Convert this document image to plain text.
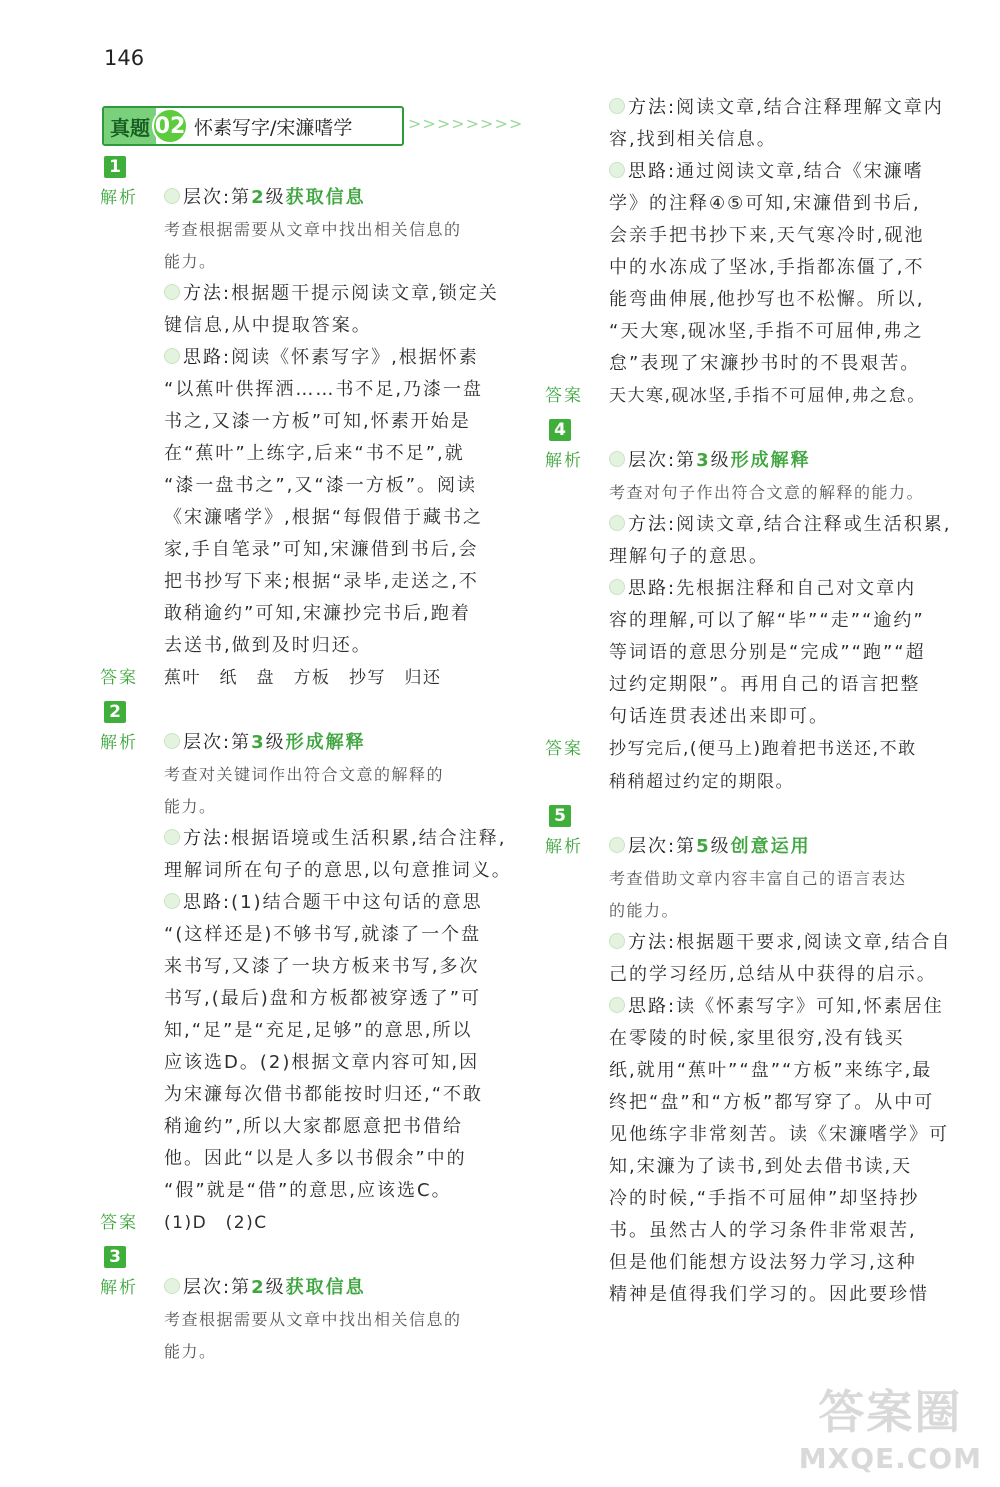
146
真题 02 怀素写字/宋濂嗜学	>>>>>>>>
1
解析	层次:第2级获取信息
考查根据需要从文章中找出相关信息的
能力。
方法:根据题干提示阅读文章,锁定关
键信息,从中提取答案。
思路:阅读《怀素写字》,根据怀素
“以蕉叶供挥洒……书不足,乃漆一盘
书之,又漆一方板”可知,怀素开始是
在“蕉叶”上练字,后来“书不足”,就
“漆一盘书之”,又“漆一方板”。阅读
《宋濂嗜学》,根据“每假借于藏书之
家,手自笔录”可知,宋濂借到书后,会
把书抄写下来;根据“录毕,走送之,不
敢稍逾约”可知,宋濂抄完书后,跑着
去送书,做到及时归还。
答案	蕉叶　纸　盘　方板　抄写　归还
2
解析	层次:第3级形成解释
考查对关键词作出符合文意的解释的
能力。
方法:根据语境或生活积累,结合注释,
理解词所在句子的意思,以句意推词义。
思路:(1)结合题干中这句话的意思
“(这样还是)不够书写,就漆了一个盘
来书写,又漆了一块方板来书写,多次
书写,(最后)盘和方板都被穿透了”可
知,“足”是“充足,足够”的意思,所以
应该选D。(2)根据文章内容可知,因
为宋濂每次借书都能按时归还,“不敢
稍逾约”,所以大家都愿意把书借给
他。因此“以是人多以书假余”中的
“假”就是“借”的意思,应该选C。
答案	(1)D　(2)C
3
解析	层次:第2级获取信息
考查根据需要从文章中找出相关信息的
能力。
方法:阅读文章,结合注释理解文章内
容,找到相关信息。
思路:通过阅读文章,结合《宋濂嗜
学》的注释④⑤可知,宋濂借到书后,
会亲手把书抄下来,天气寒冷时,砚池
中的水冻成了坚冰,手指都冻僵了,不
能弯曲伸展,他抄写也不松懈。所以,
“天大寒,砚冰坚,手指不可屈伸,弗之
怠”表现了宋濂抄书时的不畏艰苦。
答案	天大寒,砚冰坚,手指不可屈伸,弗之怠。
4
解析	层次:第3级形成解释
考查对句子作出符合文意的解释的能力。
方法:阅读文章,结合注释或生活积累,
理解句子的意思。
思路:先根据注释和自己对文章内
容的理解,可以了解“毕”“走”“逾约”
等词语的意思分别是“完成”“跑”“超
过约定期限”。再用自己的语言把整
句话连贯表述出来即可。
答案	抄写完后,(便马上)跑着把书送还,不敢
稍稍超过约定的期限。
5
解析	层次:第5级创意运用
考查借助文章内容丰富自己的语言表达
的能力。
方法:根据题干要求,阅读文章,结合自
己的学习经历,总结从中获得的启示。
思路:读《怀素写字》可知,怀素居住
在零陵的时候,家里很穷,没有钱买
纸,就用“蕉叶”“盘”“方板”来练字,最
终把“盘”和“方板”都写穿了。从中可
见他练字非常刻苦。读《宋濂嗜学》可
知,宋濂为了读书,到处去借书读,天
冷的时候,“手指不可屈伸”却坚持抄
书。虽然古人的学习条件非常艰苦,
但是他们能想方设法努力学习,这种
精神是值得我们学习的。因此要珍惜
答案圈
MXQE.COM
